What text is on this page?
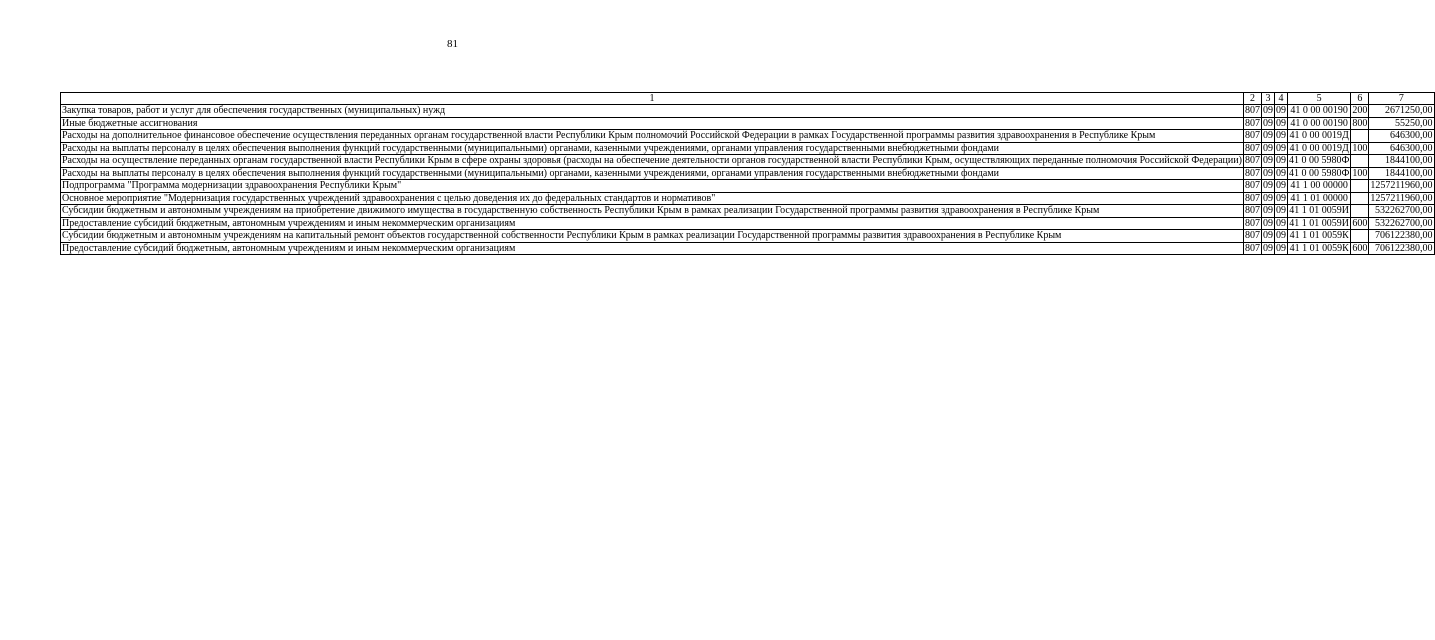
81
1	2	3	4	5	6	7
Закупка товаров, работ и услуг для обеспечения государственных (муниципальных) нужд	807	09	09	41 0 00 00190	200	2671250,00
Иные бюджетные ассигнования	807	09	09	41 0 00 00190	800	55250,00
Расходы на дополнительное финансовое обеспечение осуществления переданных органам государственной власти Республики Крым полномочий Российской Федерации в рамках Государственной программы развития здравоохранения в Республике Крым	807	09	09	41 0 00 0019Д		646300,00
Расходы на выплаты персоналу в целях обеспечения выполнения функций государственными (муниципальными) органами, казенными учреждениями, органами управления государственными внебюджетными фондами	807	09	09	41 0 00 0019Д	100	646300,00
Расходы на осуществление переданных органам государственной власти Республики Крым в сфере охраны здоровья (расходы на обеспечение деятельности органов государственной власти Республики Крым, осуществляющих переданные полномочия Российской Федерации)	807	09	09	41 0 00 5980Ф		1844100,00
Расходы на выплаты персоналу в целях обеспечения выполнения функций государственными (муниципальными) органами, казенными учреждениями, органами управления государственными внебюджетными фондами	807	09	09	41 0 00 5980Ф	100	1844100,00
Подпрограмма "Программа модернизации здравоохранения Республики Крым"	807	09	09	41 1 00 00000		1257211960,00
Основное мероприятие "Модернизация государственных учреждений здравоохранения с целью доведения их до федеральных стандартов и нормативов"	807	09	09	41 1 01 00000		1257211960,00
Субсидии бюджетным и автономным учреждениям на приобретение движимого имущества в государственную собственность Республики Крым в рамках реализации Государственной программы развития здравоохранения в Республике Крым	807	09	09	41 1 01 0059И		532262700,00
Предоставление субсидий бюджетным, автономным учреждениям и иным некоммерческим организациям	807	09	09	41 1 01 0059И	600	532262700,00
Субсидии бюджетным и автономным учреждениям на капитальный ремонт объектов государственной собственности Республики Крым в рамках реализации Государственной программы развития здравоохранения в Республике Крым	807	09	09	41 1 01 0059К		706122380,00
Предоставление субсидий бюджетным, автономным учреждениям и иным некоммерческим организациям	807	09	09	41 1 01 0059К	600	706122380,00
